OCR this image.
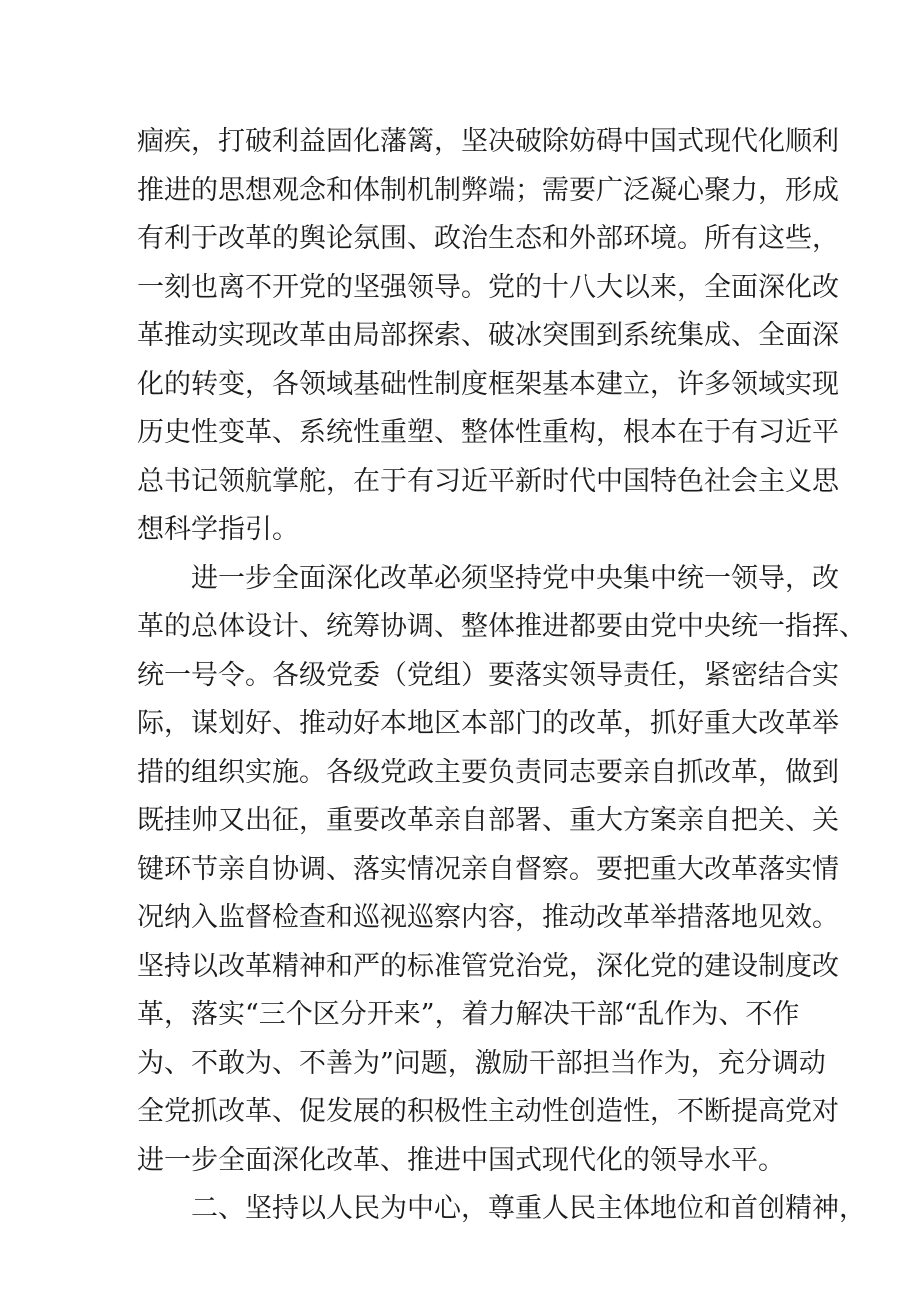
痼疾，打破利益固化藩篱，坚决破除妨碍中国式现代化顺利
推进的思想观念和体制机制弊端；需要广泛凝心聚力，形成
有利于改革的舆论氛围、政治生态和外部环境。所有这些，
一刻也离不开党的坚强领导。党的十八大以来，全面深化改
革推动实现改革由局部探索、破冰突围到系统集成、全面深
化的转变，各领域基础性制度框架基本建立，许多领域实现
历史性变革、系统性重塑、整体性重构，根本在于有习近平
总书记领航掌舵，在于有习近平新时代中国特色社会主义思
想科学指引。
进一步全面深化改革必须坚持党中央集中统一领导，改
革的总体设计、统筹协调、整体推进都要由党中央统一指挥、
统一号令。各级党委（党组）要落实领导责任，紧密结合实
际，谋划好、推动好本地区本部门的改革，抓好重大改革举
措的组织实施。各级党政主要负责同志要亲自抓改革，做到
既挂帅又出征，重要改革亲自部署、重大方案亲自把关、关
键环节亲自协调、落实情况亲自督察。要把重大改革落实情
况纳入监督检查和巡视巡察内容，推动改革举措落地见效。
坚持以改革精神和严的标准管党治党，深化党的建设制度改
革，落实“三个区分开来”，着力解决干部“乱作为、不作
为、不敢为、不善为”问题，激励干部担当作为，充分调动
全党抓改革、促发展的积极性主动性创造性，不断提高党对
进一步全面深化改革、推进中国式现代化的领导水平。
二、坚持以人民为中心，尊重人民主体地位和首创精神，
